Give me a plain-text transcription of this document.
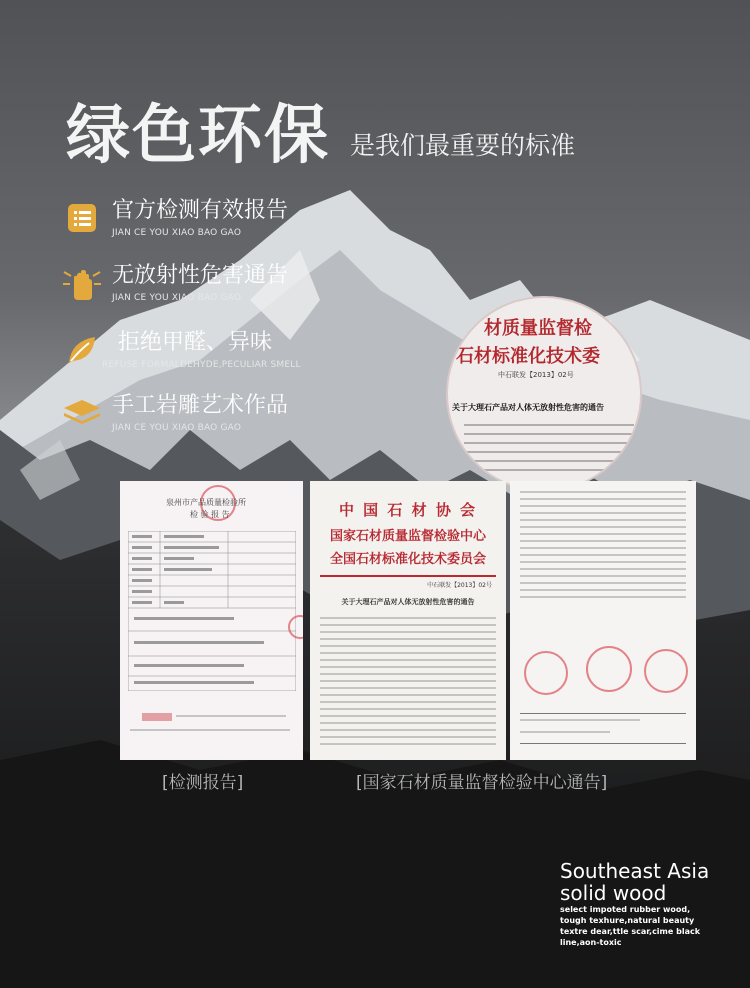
绿色环保 是我们最重要的标准
官方检测有效报告
JIAN CE YOU XIAO BAO GAO
无放射性危害通告
JIAN CE YOU XIAO BAO GAO
拒绝甲醛、异味
REFUSE FORMALDEHYDE,PECULIAR SMELL
手工岩雕艺术作品
JIAN CE YOU XIAO BAO GAO
材质量监督检
石材标准化技术委
中石联发【2013】02号
关于大理石产品对人体无放射性危害的通告
泉州市产品质量检验所
检 验 报 告	中 国 石 材 协 会
国家石材质量监督检验中心
全国石材标准化技术委员会
中石联发【2013】02号
关于大理石产品对人体无放射性危害的通告
[检测报告]	[国家石材质量监督检验中心通告]
Southeast Asia
solid wood
select impoted rubber wood,
tough texhure,natural beauty
textre dear,ttle scar,cime black
line,aon-toxic
